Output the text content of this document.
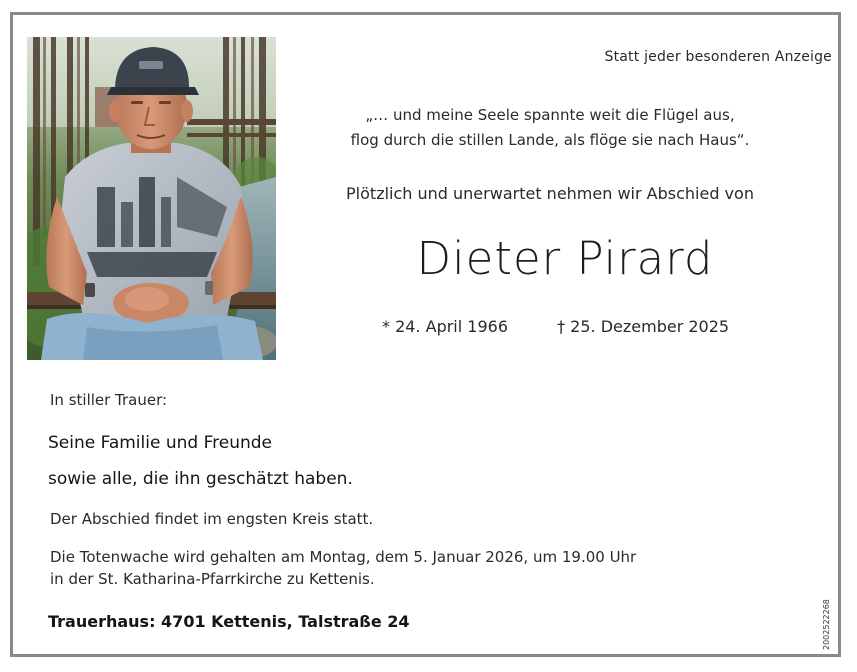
Statt jeder besonderen Anzeige
„… und meine Seele spannte weit die Flügel aus,
flog durch die stillen Lande, als flöge sie nach Haus“.
Plötzlich und unerwartet nehmen wir Abschied von
Dieter Pirard
* 24. April 1966	† 25. Dezember 2025
In stiller Trauer:
Seine Familie und Freunde
sowie alle, die ihn geschätzt haben.
Der Abschied findet im engsten Kreis statt.
Die Totenwache wird gehalten am Montag, dem 5. Januar 2026, um 19.00 Uhr
in der St. Katharina-Pfarrkirche zu Kettenis.
Trauerhaus: 4701 Kettenis, Talstraße 24	2002522268
